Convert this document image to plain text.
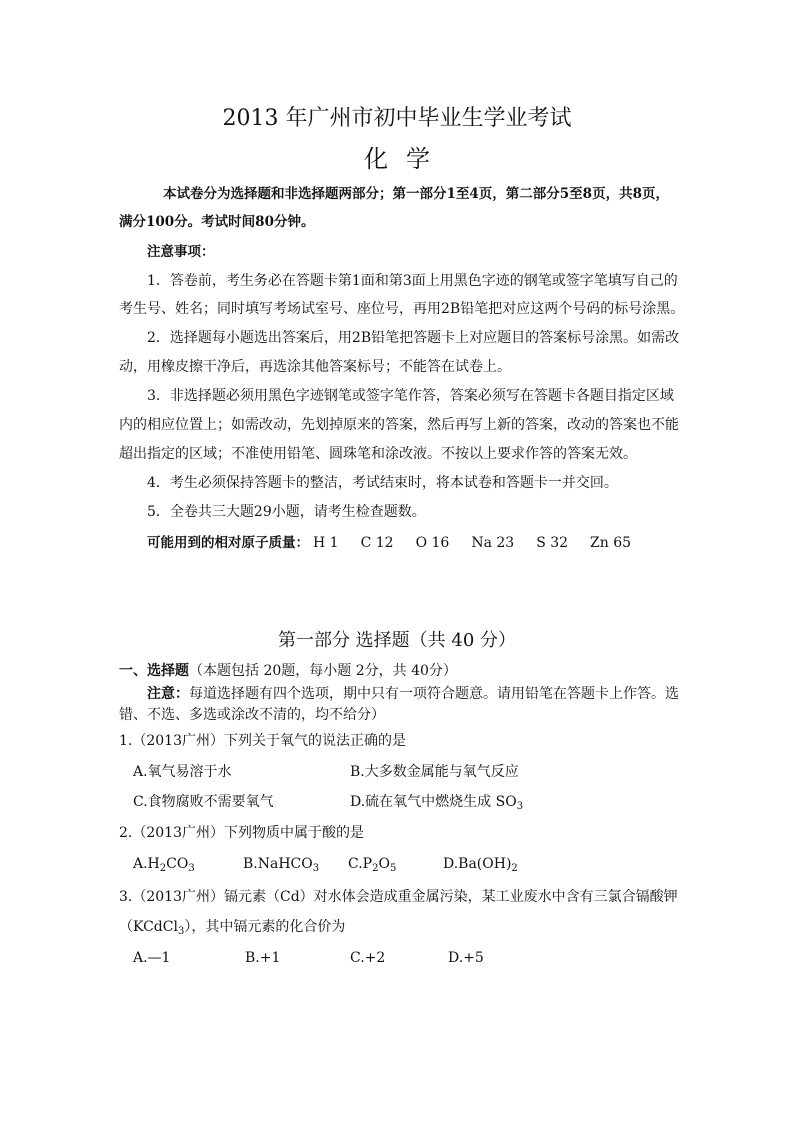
2013 年广州市初中毕业生学业考试
化学
本试卷分为选择题和非选择题两部分；第一部分1至4页，第二部分5至8页，共8页，
满分100分。考试时间80分钟。
注意事项：
1．答卷前，考生务必在答题卡第1面和第3面上用黑色字迹的钢笔或签字笔填写自己的
考生号、姓名；同时填写考场试室号、座位号，再用2B铅笔把对应这两个号码的标号涂黑。
2．选择题每小题选出答案后，用2B铅笔把答题卡上对应题目的答案标号涂黑。如需改
动，用橡皮擦干净后，再选涂其他答案标号；不能答在试卷上。
3．非选择题必须用黑色字迹钢笔或签字笔作答，答案必须写在答题卡各题目指定区域
内的相应位置上；如需改动，先划掉原来的答案，然后再写上新的答案，改动的答案也不能
超出指定的区域；不准使用铅笔、圆珠笔和涂改液。不按以上要求作答的答案无效。
4．考生必须保持答题卡的整洁，考试结束时，将本试卷和答题卡一并交回。
5．全卷共三大题29小题，请考生检查题数。
可能用到的相对原子质量： H 1 C 12 O 16 Na 23 S 32 Zn 65
第一部分 选择题（共 40 分）
一、选择题（本题包括 20题，每小题 2分，共 40分）
注意：每道选择题有四个选项，期中只有一项符合题意。请用铅笔在答题卡上作答。选
错、不选、多选或涂改不清的，均不给分）
1.（2013广州）下列关于氧气的说法正确的是
A.氧气易溶于水	B.大多数金属能与氧气反应
C.食物腐败不需要氧气	D.硫在氧气中燃烧生成 $SO_3$
2.（2013广州）下列物质中属于酸的是
$A.H_2CO_3$	B.NaHCO$_3$ $C.P_2O_5$	$D.Ba(OH)_2$
3.（2013广州）镉元素（Cd）对水体会造成重金属污染，某工业废水中含有三氯合镉酸钾
（KCdCl$_3$），其中镉元素的化合价为
A.—1	B.+1	C.+2	D.+5
